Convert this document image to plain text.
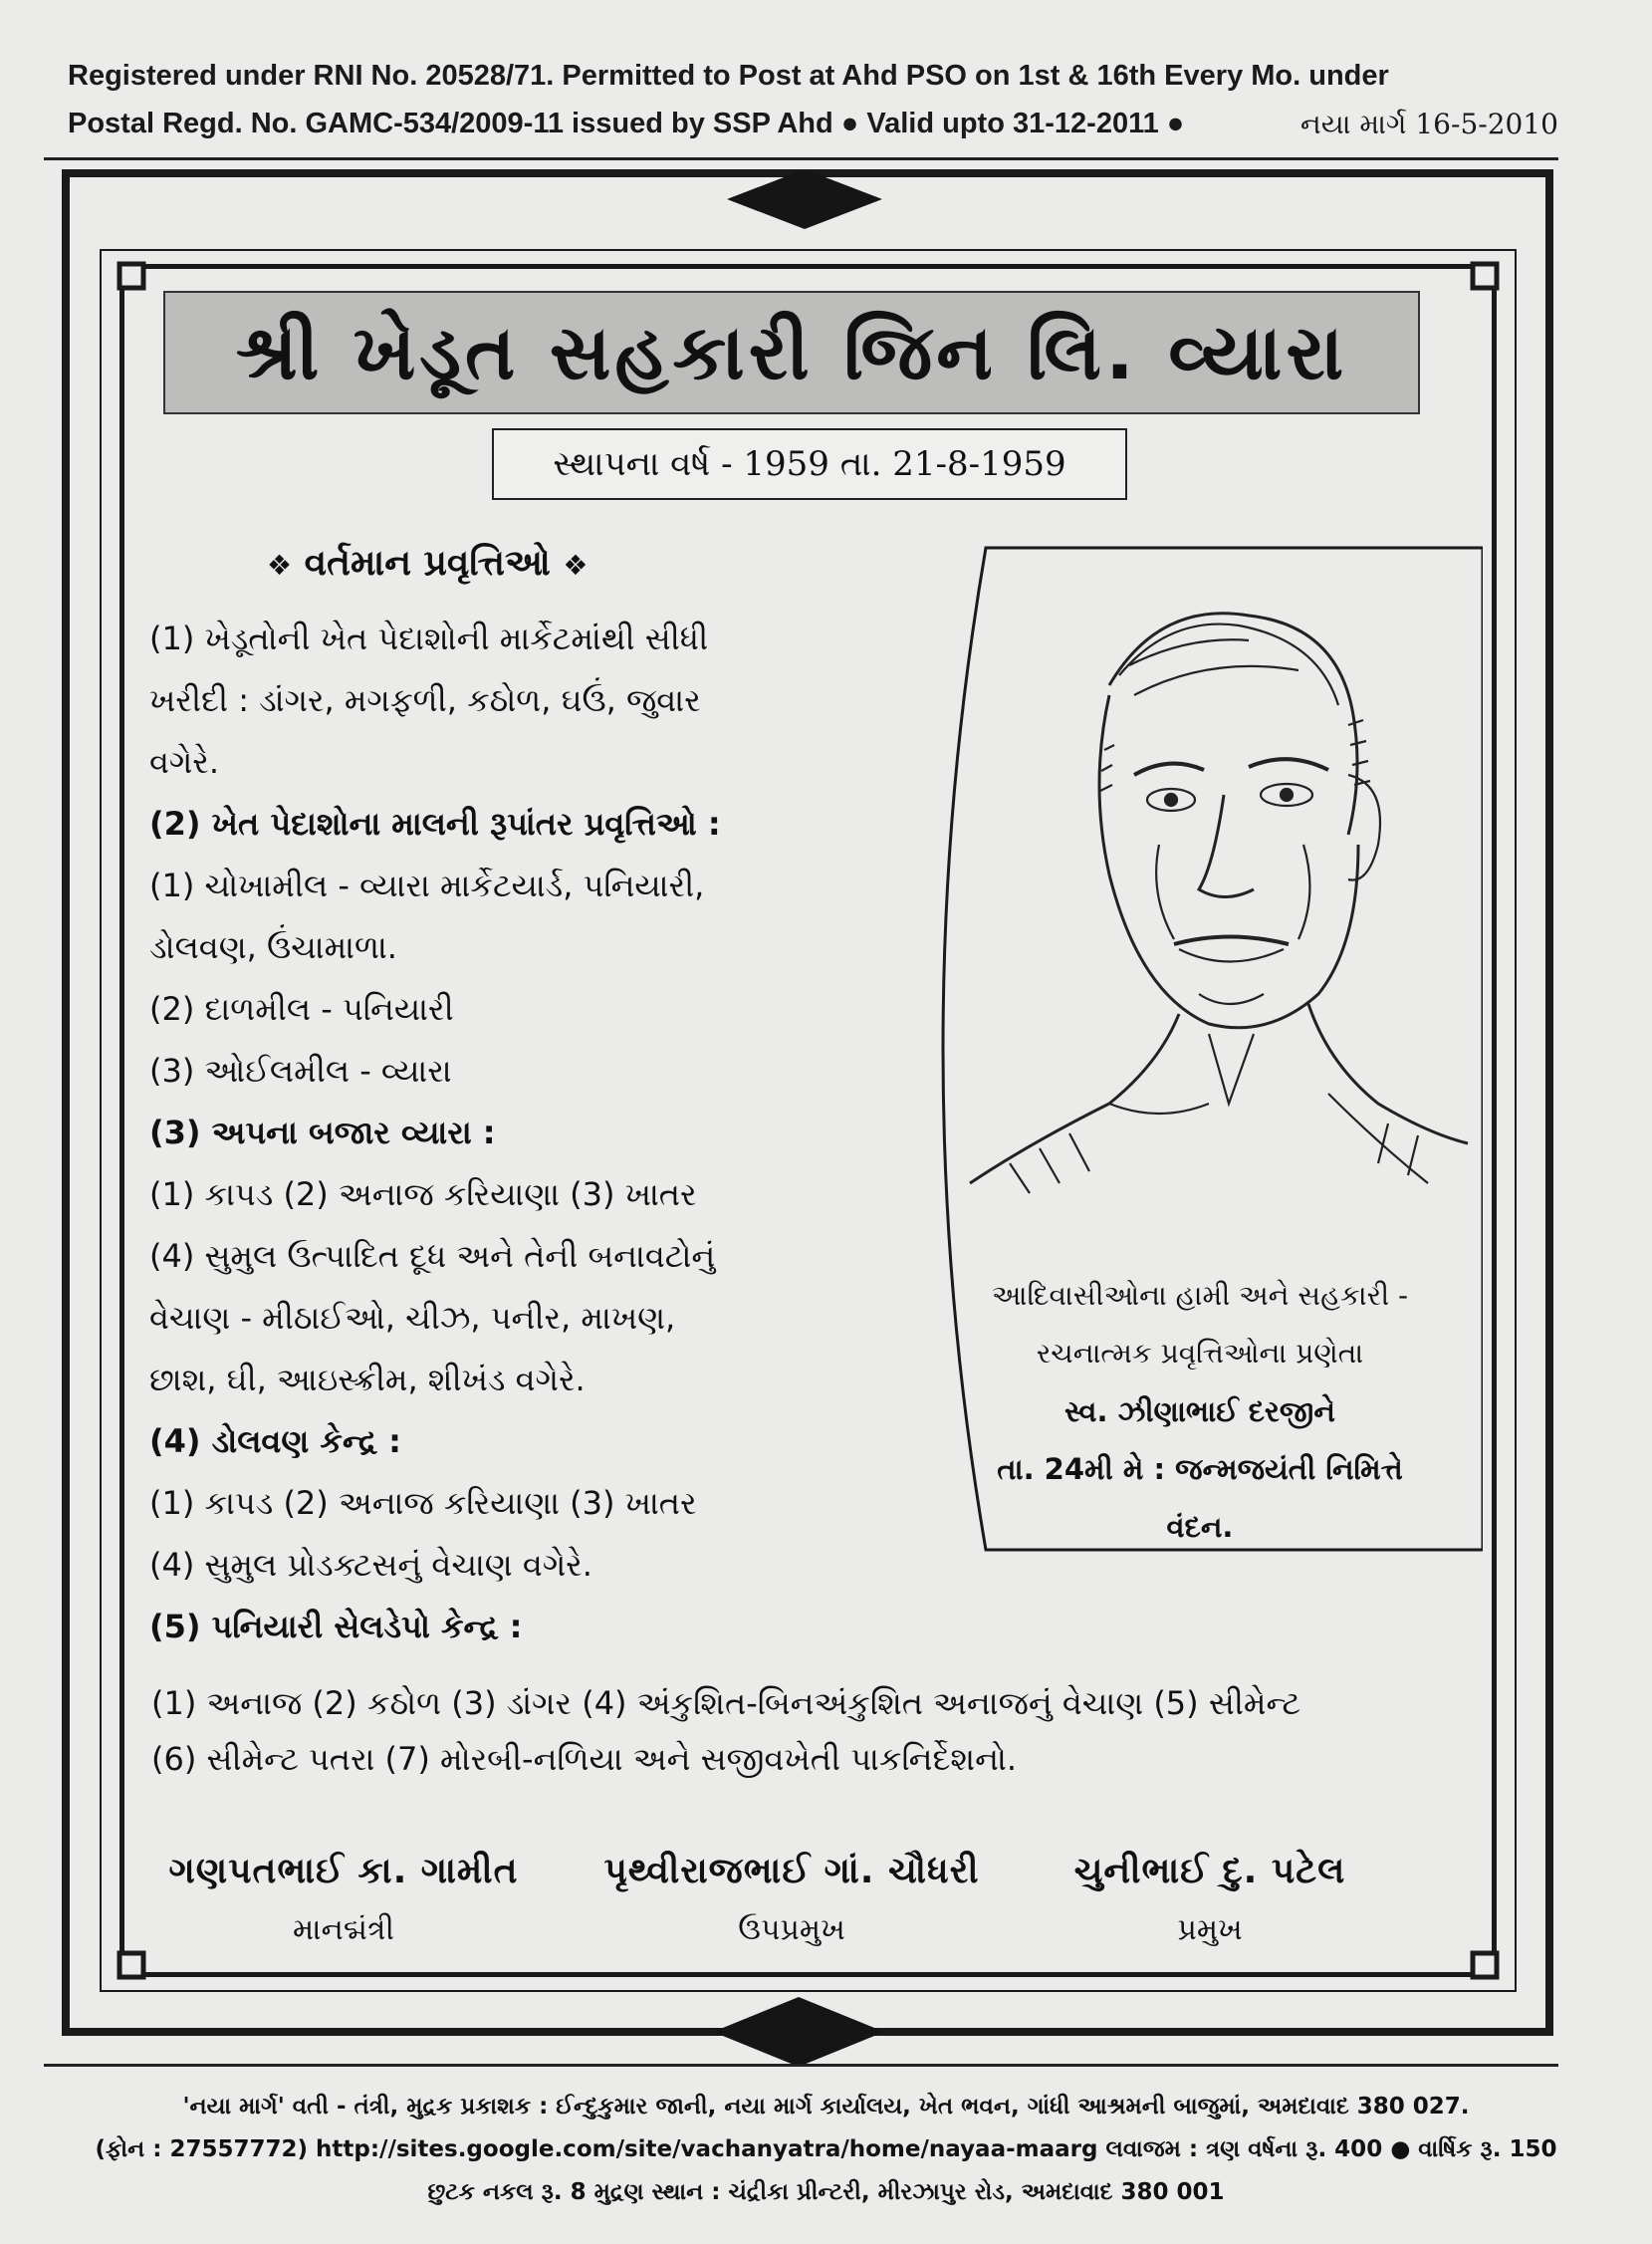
Registered under RNI No. 20528/71. Permitted to Post at Ahd PSO on 1st & 16th Every Mo. under
Postal Regd. No. GAMC-534/2009-11 issued by SSP Ahd ● Valid upto 31-12-2011 ●	નયા માર્ગ 16-5-2010
શ્રી ખેડૂત સહકારી જિન લિ. વ્યારા
સ્થાપના વર્ષ - 1959 તા. 21-8-1959
❖ વર્તમાન પ્રવૃત્તિઓ ❖
(1) ખેડૂતોની ખેત પેદાશોની માર્કેટમાંથી સીધી
ખરીદી : ડાંગર, મગફળી, કઠોળ, ઘઉં, જુવાર
વગેરે.
(2) ખેત પેદાશોના માલની રૂપાંતર પ્રવૃત્તિઓ :
(1) ચોખામીલ - વ્યારા માર્કેટયાર્ડ, પનિયારી,
ડોલવણ, ઉંચામાળા.
(2) દાળમીલ - પનિયારી
(3) ઓઈલમીલ - વ્યારા
(3) અપના બજાર વ્યારા :
(1) કાપડ (2) અનાજ કરિયાણા (3) ખાતર
(4) સુમુલ ઉત્પાદિત દૂધ અને તેની બનાવટોનું
વેચાણ - મીઠાઈઓ, ચીઝ, પનીર, માખણ,
છાશ, ઘી, આઇસ્ક્રીમ, શીખંડ વગેરે.
(4) ડોલવણ કેન્દ્ર :
(1) કાપડ (2) અનાજ કરિયાણા (3) ખાતર
(4) સુમુલ પ્રોડક્ટસનું વેચાણ વગેરે.
(5) પનિયારી સેલડેપો કેન્દ્ર :
(1) અનાજ (2) કઠોળ (3) ડાંગર (4) અંકુશિત-બિનઅંકુશિત અનાજનું વેચાણ (5) સીમેન્ટ
(6) સીમેન્ટ પતરા (7) મોરબી-નળિયા અને સજીવખેતી પાકનિર્દેશનો.
આદિવાસીઓના હામી અને સહકારી -
રચનાત્મક પ્રવૃત્તિઓના પ્રણેતા
સ્વ. ઝીણાભાઈ દરજીને
તા. 24મી મે : જન્મજયંતી નિમિત્તે
વંદન.
ગણપતભાઈ કા. ગામીત
માનદ્મંત્રી
પૃથ્વીરાજભાઈ ગાં. ચૌધરી
ઉપપ્રમુખ
ચુનીભાઈ દુ. પટેલ
પ્રમુખ
'નયા માર્ગ' વતી - તંત્રી, મુદ્રક પ્રકાશક : ઈન્દુકુમાર જાની, નયા માર્ગ કાર્યાલય, ખેત ભવન, ગાંધી આશ્રમની બાજુમાં, અમદાવાદ 380 027.
(ફોન : 27557772) http://sites.google.com/site/vachanyatra/home/nayaa-maarg લવાજમ : ત્રણ વર્ષના રૂ. 400 ● વાર્ષિક રૂ. 150
છુટક નકલ રૂ. 8 મુદ્રણ સ્થાન : ચંદ્રીકા પ્રીન્ટરી, મીરઝાપુર રોડ, અમદાવાદ 380 001
